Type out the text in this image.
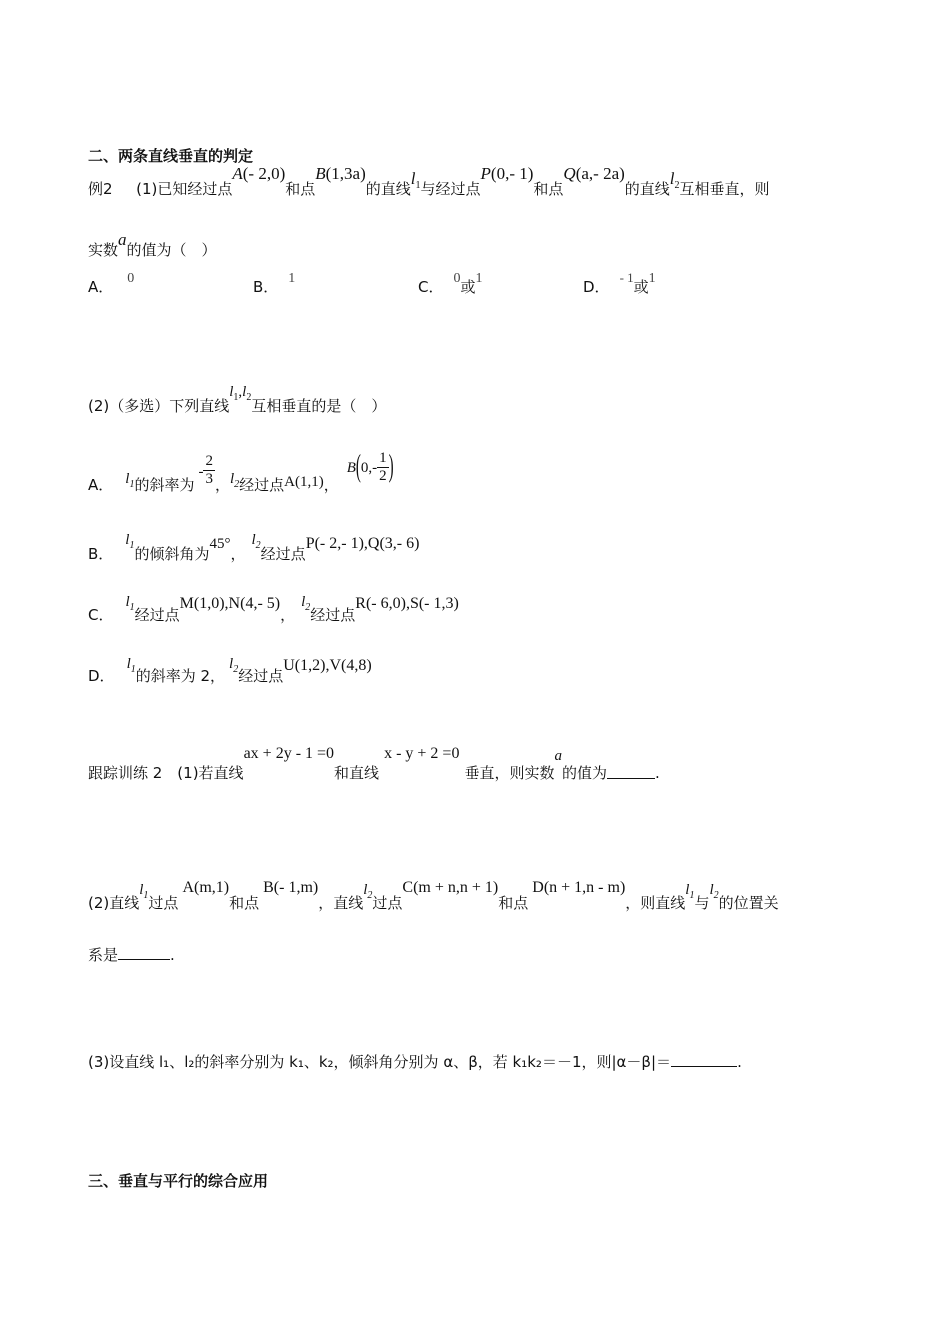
二、两条直线垂直的判定
例2 (1)已知经过点A(- 2,0)和点B(1,3a)的直线$l_1$与经过点P(0,- 1)和点Q(a,- 2a)的直线$l_2$互相垂直，则
实数a的值为（　）
A． 0	B． 1	C． 0或1	D．- 1或1
(2)（多选）下列直线$l_1,l_2$互相垂直的是（　）
A． $l_1$的斜率为- $\frac{2}{3}$ ，$l_2$经过点A(1,1)，$B(0,- \frac{1}{2}$ )
B．$l_1$的倾斜角为45°，$l_2$经过点P(- 2,- 1),Q(3,- 6)
C．$l_1$经过点M(1,0),N(4,- 5)，$l_2$经过点R(- 6,0),S(- 1,3)
D．$l_1$的斜率为 2，$l_2$经过点U(1,2),V(4,8)
跟踪训练 2　(1)若直线ax + 2y - 1 =0和直线x - y + 2 =0垂直，则实数a的值为	.
(2)直线$l_1$过点A(m,1)和点B(- 1,m)，直线$l_2$过点C(m + n,n + 1)和点D(n + 1,n - m)，则直线$l_1$与$l_2$的位置关
系是	.
(3)设直线 l₁、l₂的斜率分别为 k₁、k₂，倾斜角分别为 α、β，若 k₁k₂＝－1，则|α－β|＝	.
三、垂直与平行的综合应用
